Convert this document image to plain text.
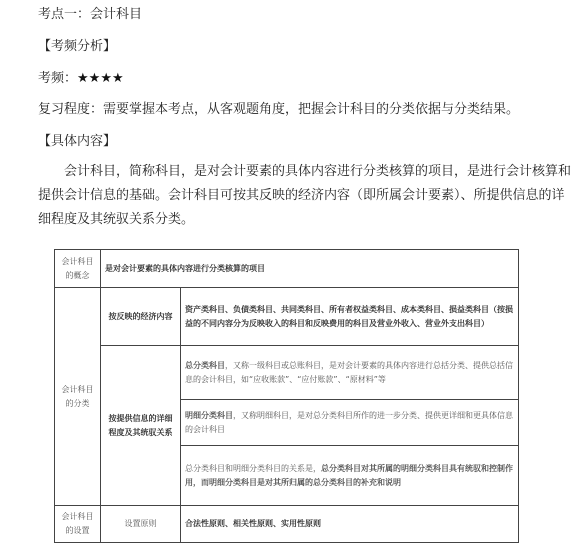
考点一：会计科目
【考频分析】
考频：★★★★
复习程度：需要掌握本考点，从客观题角度，把握会计科目的分类依据与分类结果。
【具体内容】
会计科目，简称科目，是对会计要素的具体内容进行分类核算的项目，是进行会计核算和提供会计信息的基础。会计科目可按其反映的经济内容（即所属会计要素）、所提供信息的详细程度及其统驭关系分类。
会计科目的概念	是对会计要素的具体内容进行分类核算的项目	
会计科目的分类	按反映的经济内容	资产类科目、负债类科目、共同类科目、所有者权益类科目、成本类科目、损益类科目（按损益的不同内容分为反映收入的科目和反映费用的科目及营业外收入、营业外支出科目）
	按提供信息的详细程度及其统驭关系	总分类科目，又称一级科目或总账科目，是对会计要素的具体内容进行总括分类、提供总括信息的会计科目，如“应收账款”、“应付账款”、“原材料”等
		明细分类科目，又称明细科目，是对总分类科目所作的进一步分类、提供更详细和更具体信息的会计科目
		总分类科目和明细分类科目的关系是，总分类科目对其所属的明细分类科目具有统驭和控制作用，而明细分类科目是对其所归属的总分类科目的补充和说明
会计科目的设置	设置原则	合法性原则、相关性原则、实用性原则
